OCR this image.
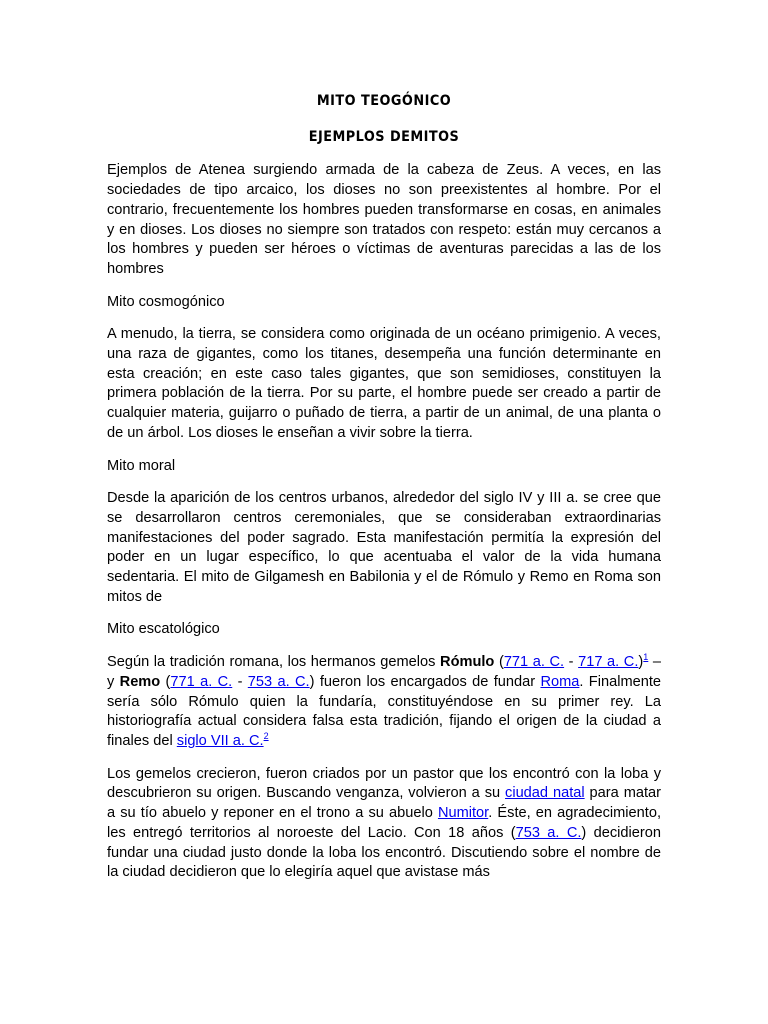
MITO TEOGÓNICO
EJEMPLOS DEMITOS

Ejemplos de Atenea surgiendo armada de la cabeza de Zeus. A veces, en las sociedades de tipo arcaico, los dioses no son preexistentes al hombre. Por el contrario, frecuentemente los hombres pueden transformarse en cosas, en animales y en dioses. Los dioses no siempre son tratados con respeto: están muy cercanos a los hombres y pueden ser héroes o víctimas de aventuras parecidas a las de los hombres

Mito cosmogónico

A menudo, la tierra, se considera como originada de un océano primigenio. A veces, una raza de gigantes, como los titanes, desempeña una función determinante en esta creación; en este caso tales gigantes, que son semidioses, constituyen la primera población de la tierra. Por su parte, el hombre puede ser creado a partir de cualquier materia, guijarro o puñado de tierra, a partir de un animal, de una planta o de un árbol. Los dioses le enseñan a vivir sobre la tierra.

Mito moral

Desde la aparición de los centros urbanos, alrededor del siglo IV y III a. se cree que se desarrollaron centros ceremoniales, que se consideraban extraordinarias manifestaciones del poder sagrado. Esta manifestación permitía la expresión del poder en un lugar específico, lo que acentuaba el valor de la vida humana sedentaria. El mito de Gilgamesh en Babilonia y el de Rómulo y Remo en Roma son mitos de

Mito escatológico

Según la tradición romana, los hermanos gemelos Rómulo (771 a. C. - 717 a. C.)$^1$ – y Remo (771 a. C. - 753 a. C.) fueron los encargados de fundar Roma. Finalmente sería sólo Rómulo quien la fundaría, constituyéndose en su primer rey. La historiografía actual considera falsa esta tradición, fijando el origen de la ciudad a finales del siglo VII a. C.$^2$

Los gemelos crecieron, fueron criados por un pastor que los encontró con la loba y descubrieron su origen. Buscando venganza, volvieron a su ciudad natal para matar a su tío abuelo y reponer en el trono a su abuelo Numitor. Éste, en agradecimiento, les entregó territorios al noroeste del Lacio. Con 18 años (753 a. C.) decidieron fundar una ciudad justo donde la loba los encontró. Discutiendo sobre el nombre de la ciudad decidieron que lo elegiría aquel que avistase más
